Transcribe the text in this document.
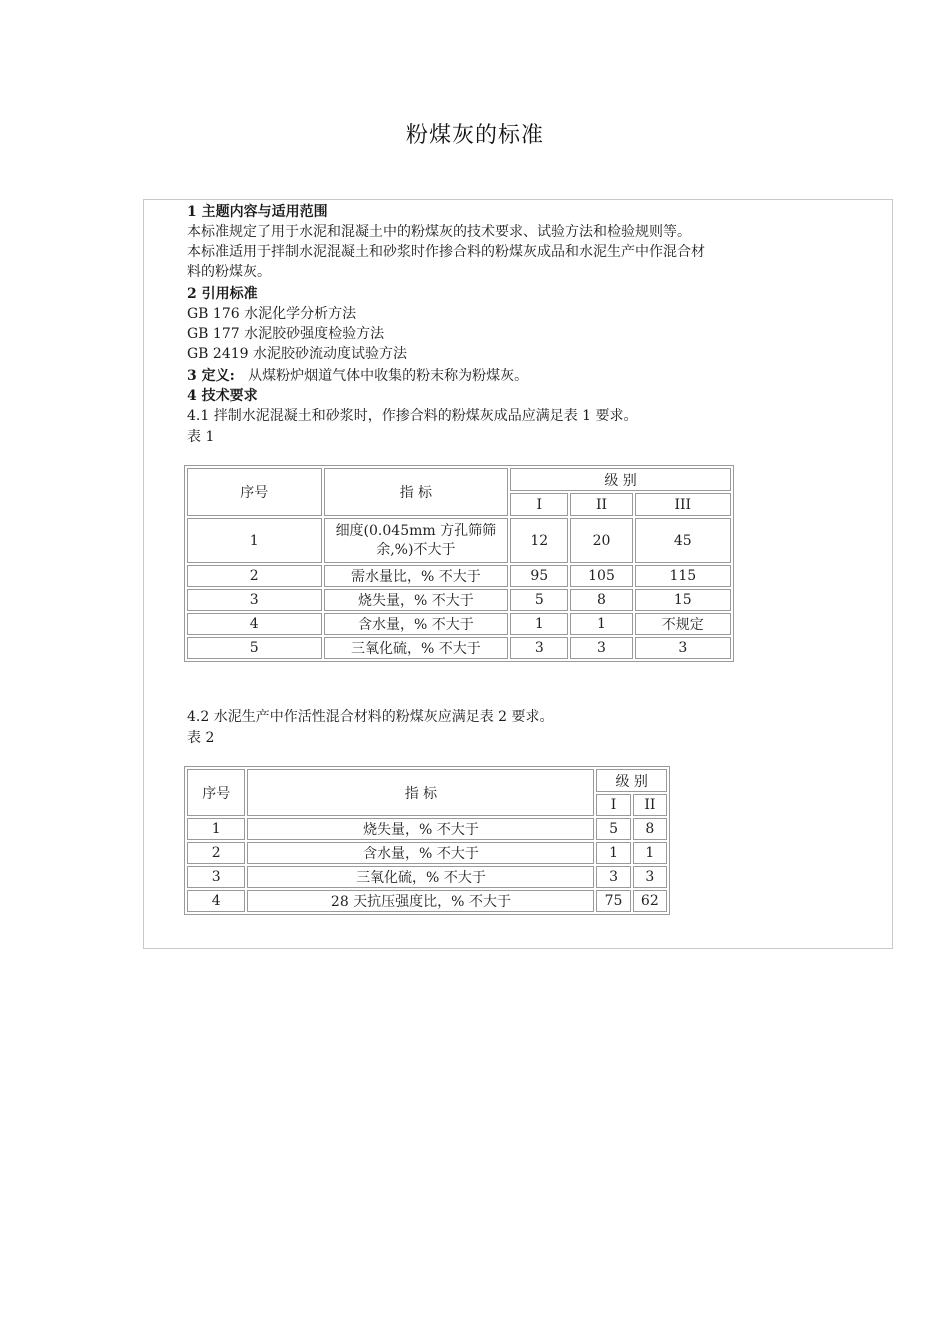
粉煤灰的标准
1 主题内容与适用范围
本标准规定了用于水泥和混凝土中的粉煤灰的技术要求、试验方法和检验规则等。
本标准适用于拌制水泥混凝土和砂浆时作掺合料的粉煤灰成品和水泥生产中作混合材
料的粉煤灰。
2 引用标准
GB 176 水泥化学分析方法
GB 177 水泥胶砂强度检验方法
GB 2419 水泥胶砂流动度试验方法
3 定义: 从煤粉炉烟道气体中收集的粉末称为粉煤灰。
4 技术要求
4.1 拌制水泥混凝土和砂浆时，作掺合料的粉煤灰成品应满足表 1 要求。
表 1
序号	指 标	级 别		
		I	II	III
1	细度(0.045mm 方孔筛筛
余,%)不大于	12	20	45
2	需水量比，% 不大于	95	105	115
3	烧失量，% 不大于	5	8	15
4	含水量，% 不大于	1	1	不规定
5	三氧化硫，% 不大于	3	3	3
4.2 水泥生产中作活性混合材料的粉煤灰应满足表 2 要求。
表 2
序号	指 标	级 别	
		I	II
1	烧失量，% 不大于	5	8
2	含水量，% 不大于	1	1
3	三氧化硫，% 不大于	3	3
4	28 天抗压强度比，% 不大于	75	62
